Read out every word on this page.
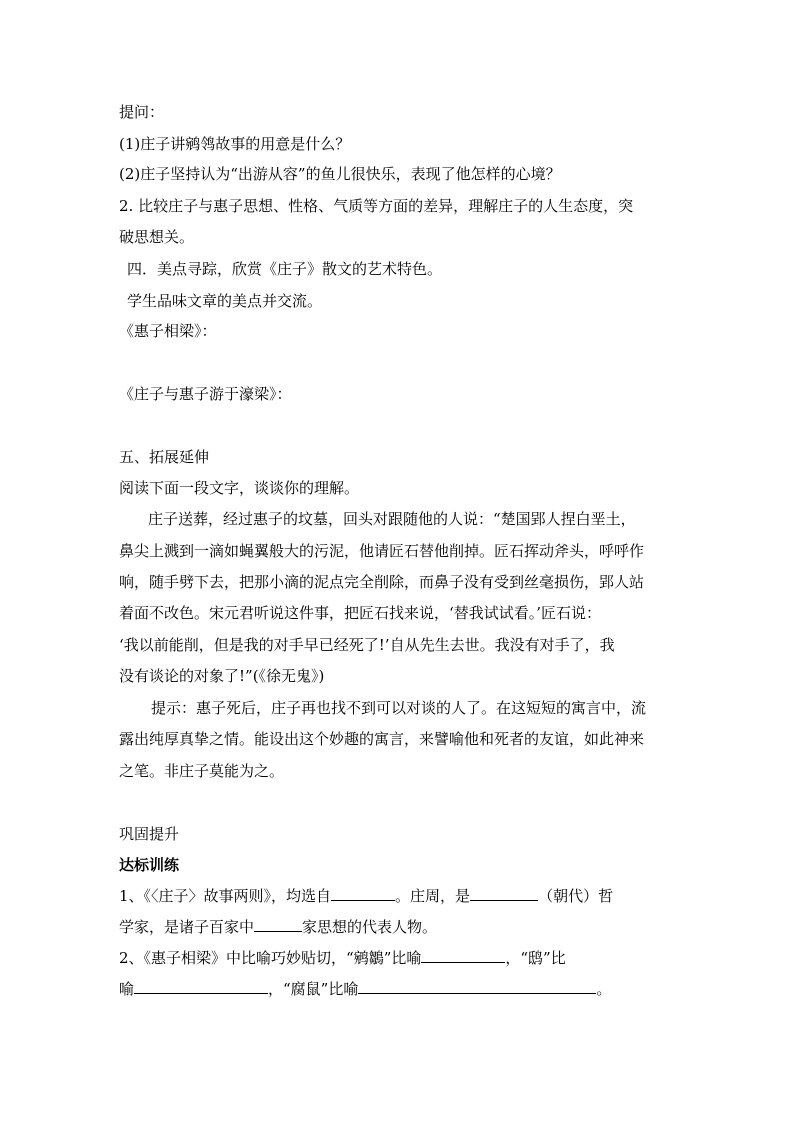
提问：
(1)庄子讲鹓鸰故事的用意是什么？
(2)庄子坚持认为“出游从容”的鱼儿很快乐，表现了他怎样的心境？
2. 比较庄子与惠子思想、性格、气质等方面的差异，理解庄子的人生态度，突
破思想关。
四．美点寻踪，欣赏《庄子》散文的艺术特色。
学生品味文章的美点并交流。
《惠子相梁》：
《庄子与惠子游于濠梁》：
五、拓展延伸
阅读下面一段文字，谈谈你的理解。
庄子送葬，经过惠子的坟墓，回头对跟随他的人说：“楚国郢人捏白垩土，
鼻尖上溅到一滴如蝇翼般大的污泥，他请匠石替他削掉。匠石挥动斧头，呼呼作
响，随手劈下去，把那小滴的泥点完全削除，而鼻子没有受到丝毫损伤，郢人站
着面不改色。宋元君听说这件事，把匠石找来说，‘替我试试看。’匠石说：
‘我以前能削，但是我的对手早已经死了!’自从先生去世。我没有对手了，我
没有谈论的对象了!”(《徐无鬼》)
提示：惠子死后，庄子再也找不到可以对谈的人了。在这短短的寓言中，流
露出纯厚真挚之情。能设出这个妙趣的寓言，来譬喻他和死者的友谊，如此神来
之笔。非庄子莫能为之。
巩固提升
达标训练
1、《〈庄子〉故事两则》，均选自	。庄周，是	（朝代）哲
学家，是诸子百家中	家思想的代表人物。
2、《惠子相梁》中比喻巧妙贴切，“鹓鶵”比喻	，“鸱”比
喻	，“腐鼠”比喻	。
